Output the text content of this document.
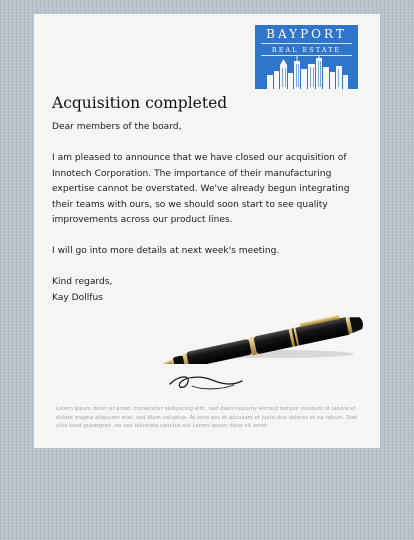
BAYPORT
REAL ESTATE
Acquisition completed

Dear members of the board,

I am pleased to announce that we have closed our acquisition of Innotech Corporation. The importance of their manufacturing expertise cannot be overstated. We've already begun integrating their teams with ours, so we should soon start to see quality improvements across our product lines.

I will go into more details at next week's meeting.

Kind regards,
Kay Dollfus
Lorem ipsum dolor sit amet, consetetur sadipscing elitr, sed diam nonumy eirmod tempor invidunt ut labore et dolore magna aliquyam erat, sed diam voluptua. At vero eos et accusam et justo duo dolores et ea rebum. Stet clita kasd gubergren, no sea takimata sanctus est Lorem ipsum dolor sit amet.
